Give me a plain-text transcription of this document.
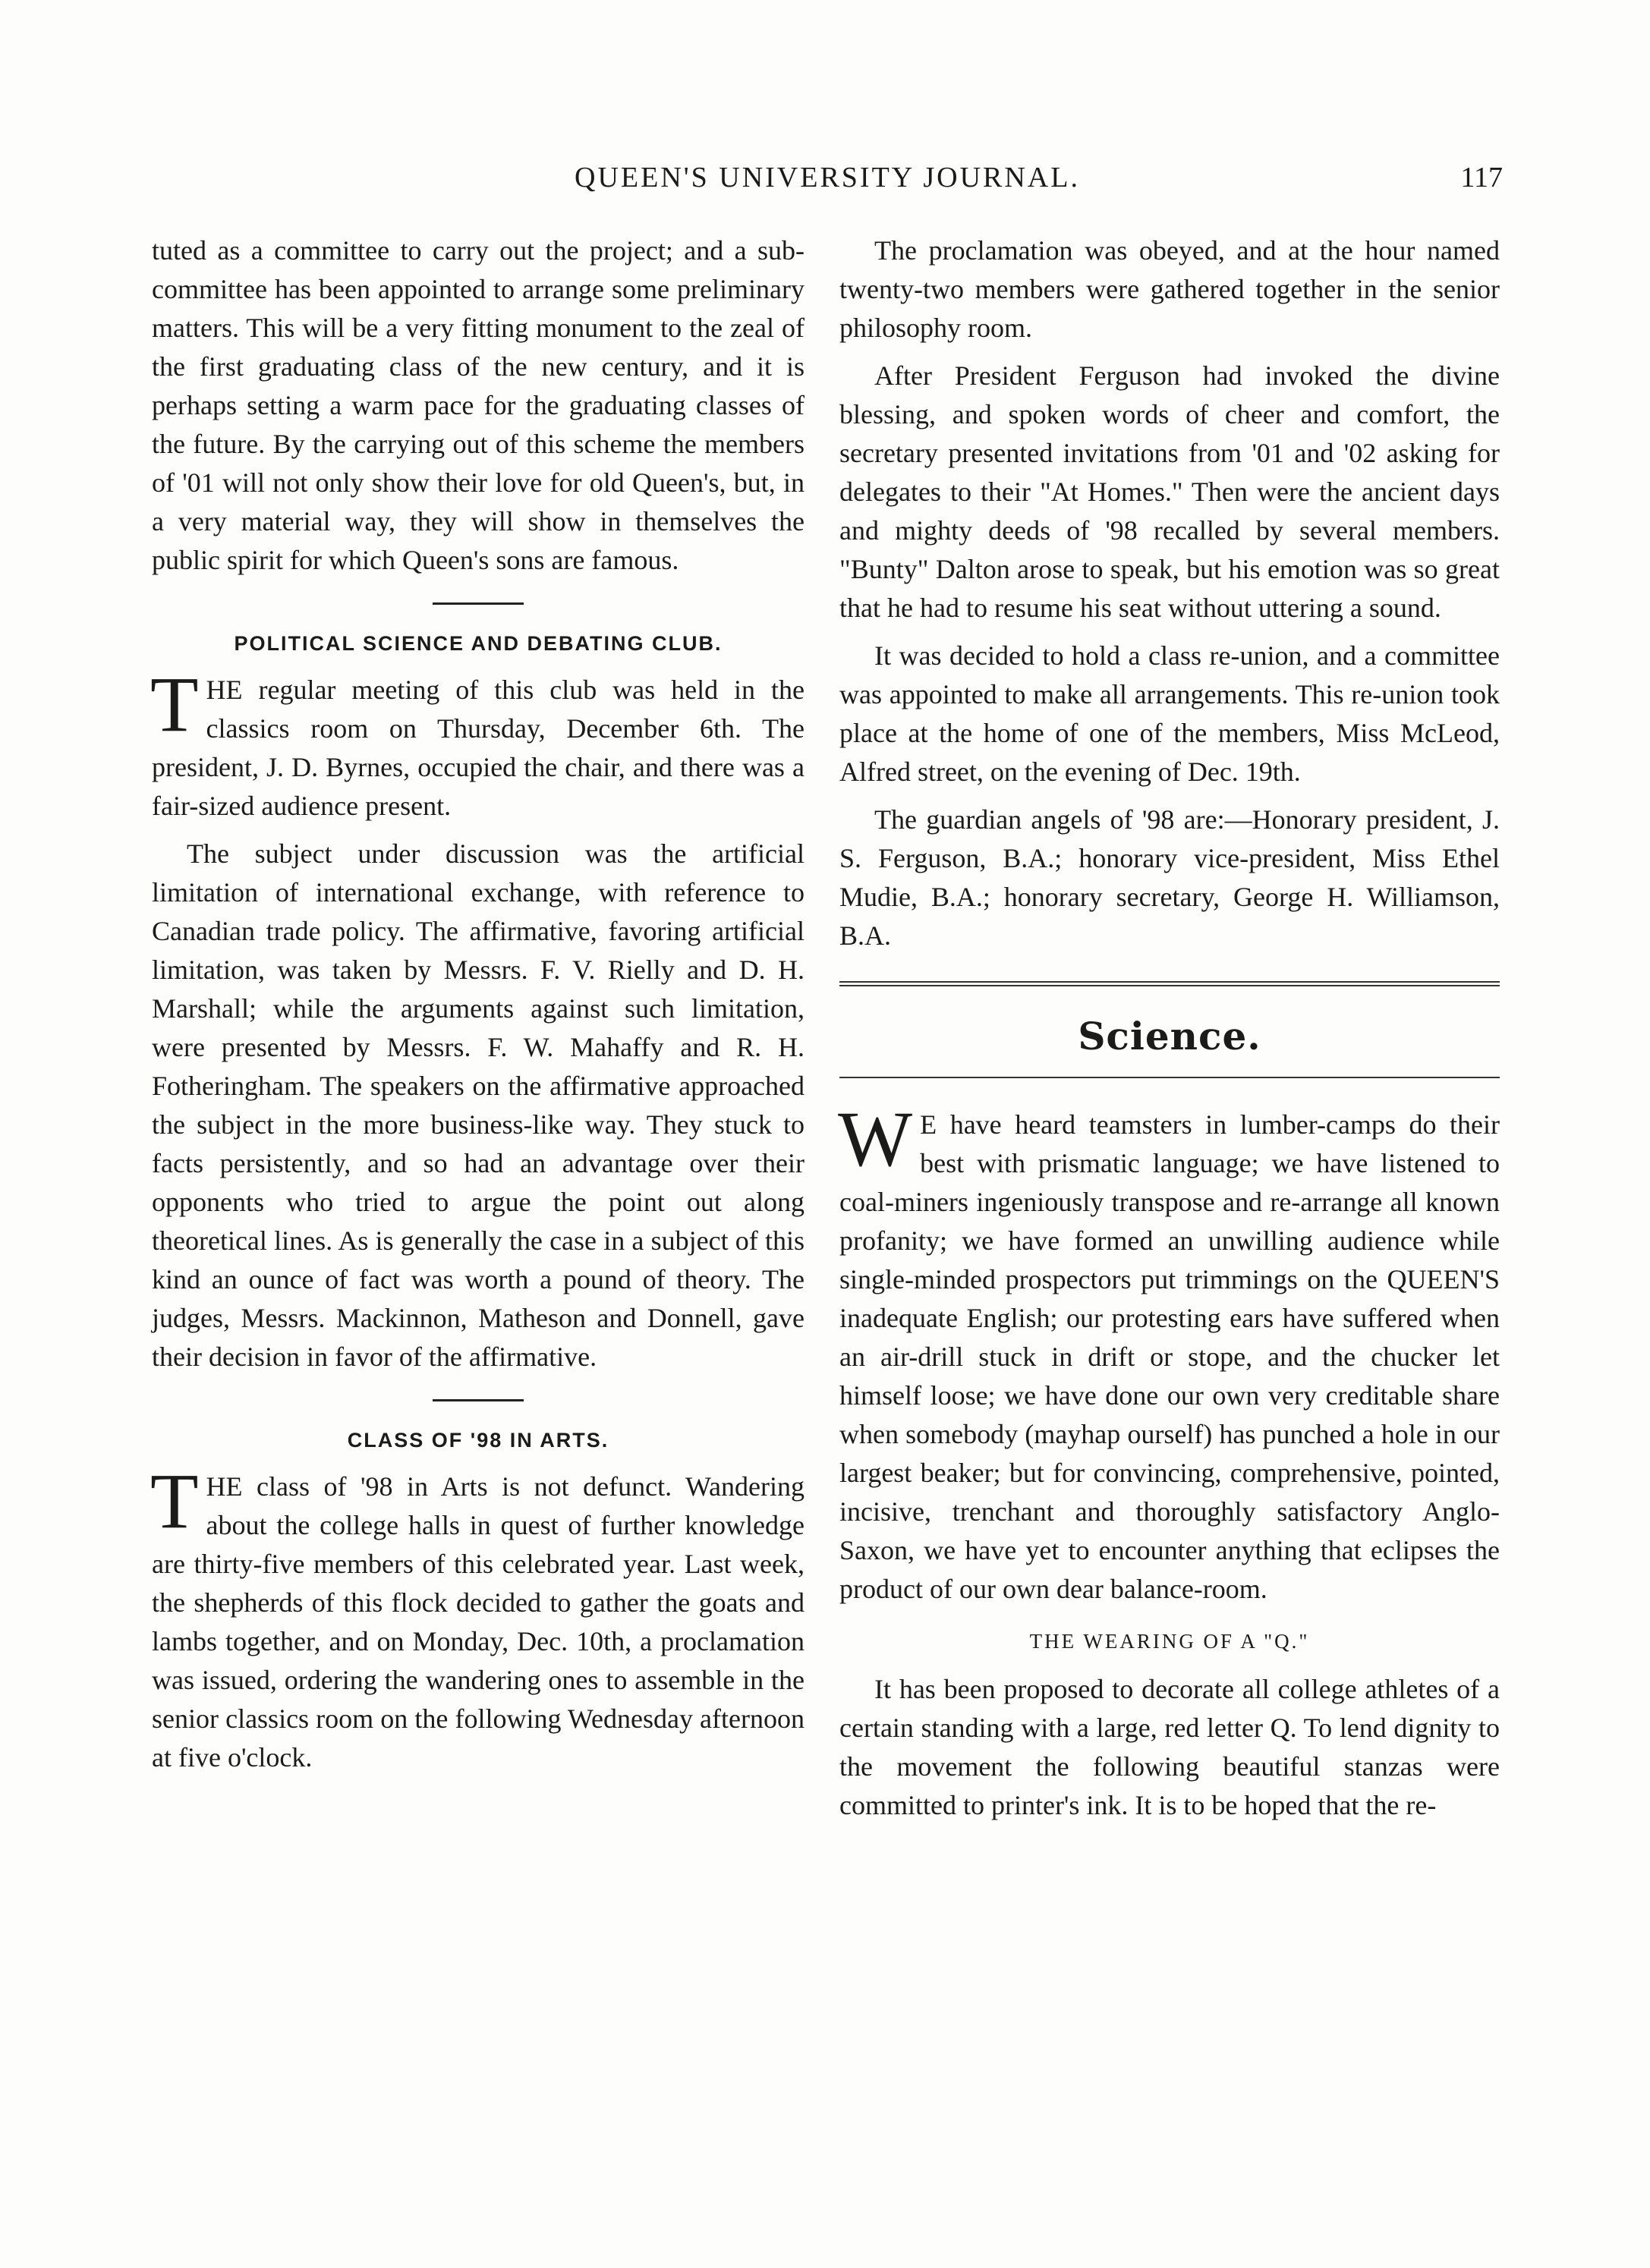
QUEEN'S UNIVERSITY JOURNAL.	117

tuted as a committee to carry out the project; and a sub-committee has been appointed to arrange some preliminary matters. This will be a very fitting monument to the zeal of the first graduating class of the new century, and it is perhaps setting a warm pace for the graduating classes of the future. By the carrying out of this scheme the members of '01 will not only show their love for old Queen's, but, in a very material way, they will show in themselves the public spirit for which Queen's sons are famous.

POLITICAL SCIENCE AND DEBATING CLUB.

THE regular meeting of this club was held in the classics room on Thursday, December 6th. The president, J. D. Byrnes, occupied the chair, and there was a fair-sized audience present.

The subject under discussion was the artificial limitation of international exchange, with reference to Canadian trade policy. The affirmative, favoring artificial limitation, was taken by Messrs. F. V. Rielly and D. H. Marshall; while the arguments against such limitation, were presented by Messrs. F. W. Mahaffy and R. H. Fotheringham. The speakers on the affirmative approached the subject in the more business-like way. They stuck to facts persistently, and so had an advantage over their opponents who tried to argue the point out along theoretical lines. As is generally the case in a subject of this kind an ounce of fact was worth a pound of theory. The judges, Messrs. Mackinnon, Matheson and Donnell, gave their decision in favor of the affirmative.

CLASS OF '98 IN ARTS.

THE class of '98 in Arts is not defunct. Wandering about the college halls in quest of further knowledge are thirty-five members of this celebrated year. Last week, the shepherds of this flock decided to gather the goats and lambs together, and on Monday, Dec. 10th, a proclamation was issued, ordering the wandering ones to assemble in the senior classics room on the following Wednesday afternoon at five o'clock.

The proclamation was obeyed, and at the hour named twenty-two members were gathered together in the senior philosophy room.

After President Ferguson had invoked the divine blessing, and spoken words of cheer and comfort, the secretary presented invitations from '01 and '02 asking for delegates to their "At Homes." Then were the ancient days and mighty deeds of '98 recalled by several members. "Bunty" Dalton arose to speak, but his emotion was so great that he had to resume his seat without uttering a sound.

It was decided to hold a class re-union, and a committee was appointed to make all arrangements. This re-union took place at the home of one of the members, Miss McLeod, Alfred street, on the evening of Dec. 19th.

The guardian angels of '98 are:—Honorary president, J. S. Ferguson, B.A.; honorary vice-president, Miss Ethel Mudie, B.A.; honorary secretary, George H. Williamson, B.A.

Science.

W E have heard teamsters in lumber-camps do their best with prismatic language; we have listened to coal-miners ingeniously transpose and re-arrange all known profanity; we have formed an unwilling audience while single-minded prospectors put trimmings on the QUEEN'S inadequate English; our protesting ears have suffered when an air-drill stuck in drift or stope, and the chucker let himself loose; we have done our own very creditable share when somebody (mayhap ourself) has punched a hole in our largest beaker; but for convincing, comprehensive, pointed, incisive, trenchant and thoroughly satisfactory Anglo-Saxon, we have yet to encounter anything that eclipses the product of our own dear balance-room.

THE WEARING OF A "Q."

It has been proposed to decorate all college athletes of a certain standing with a large, red letter Q. To lend dignity to the movement the following beautiful stanzas were committed to printer's ink. It is to be hoped that the re-
